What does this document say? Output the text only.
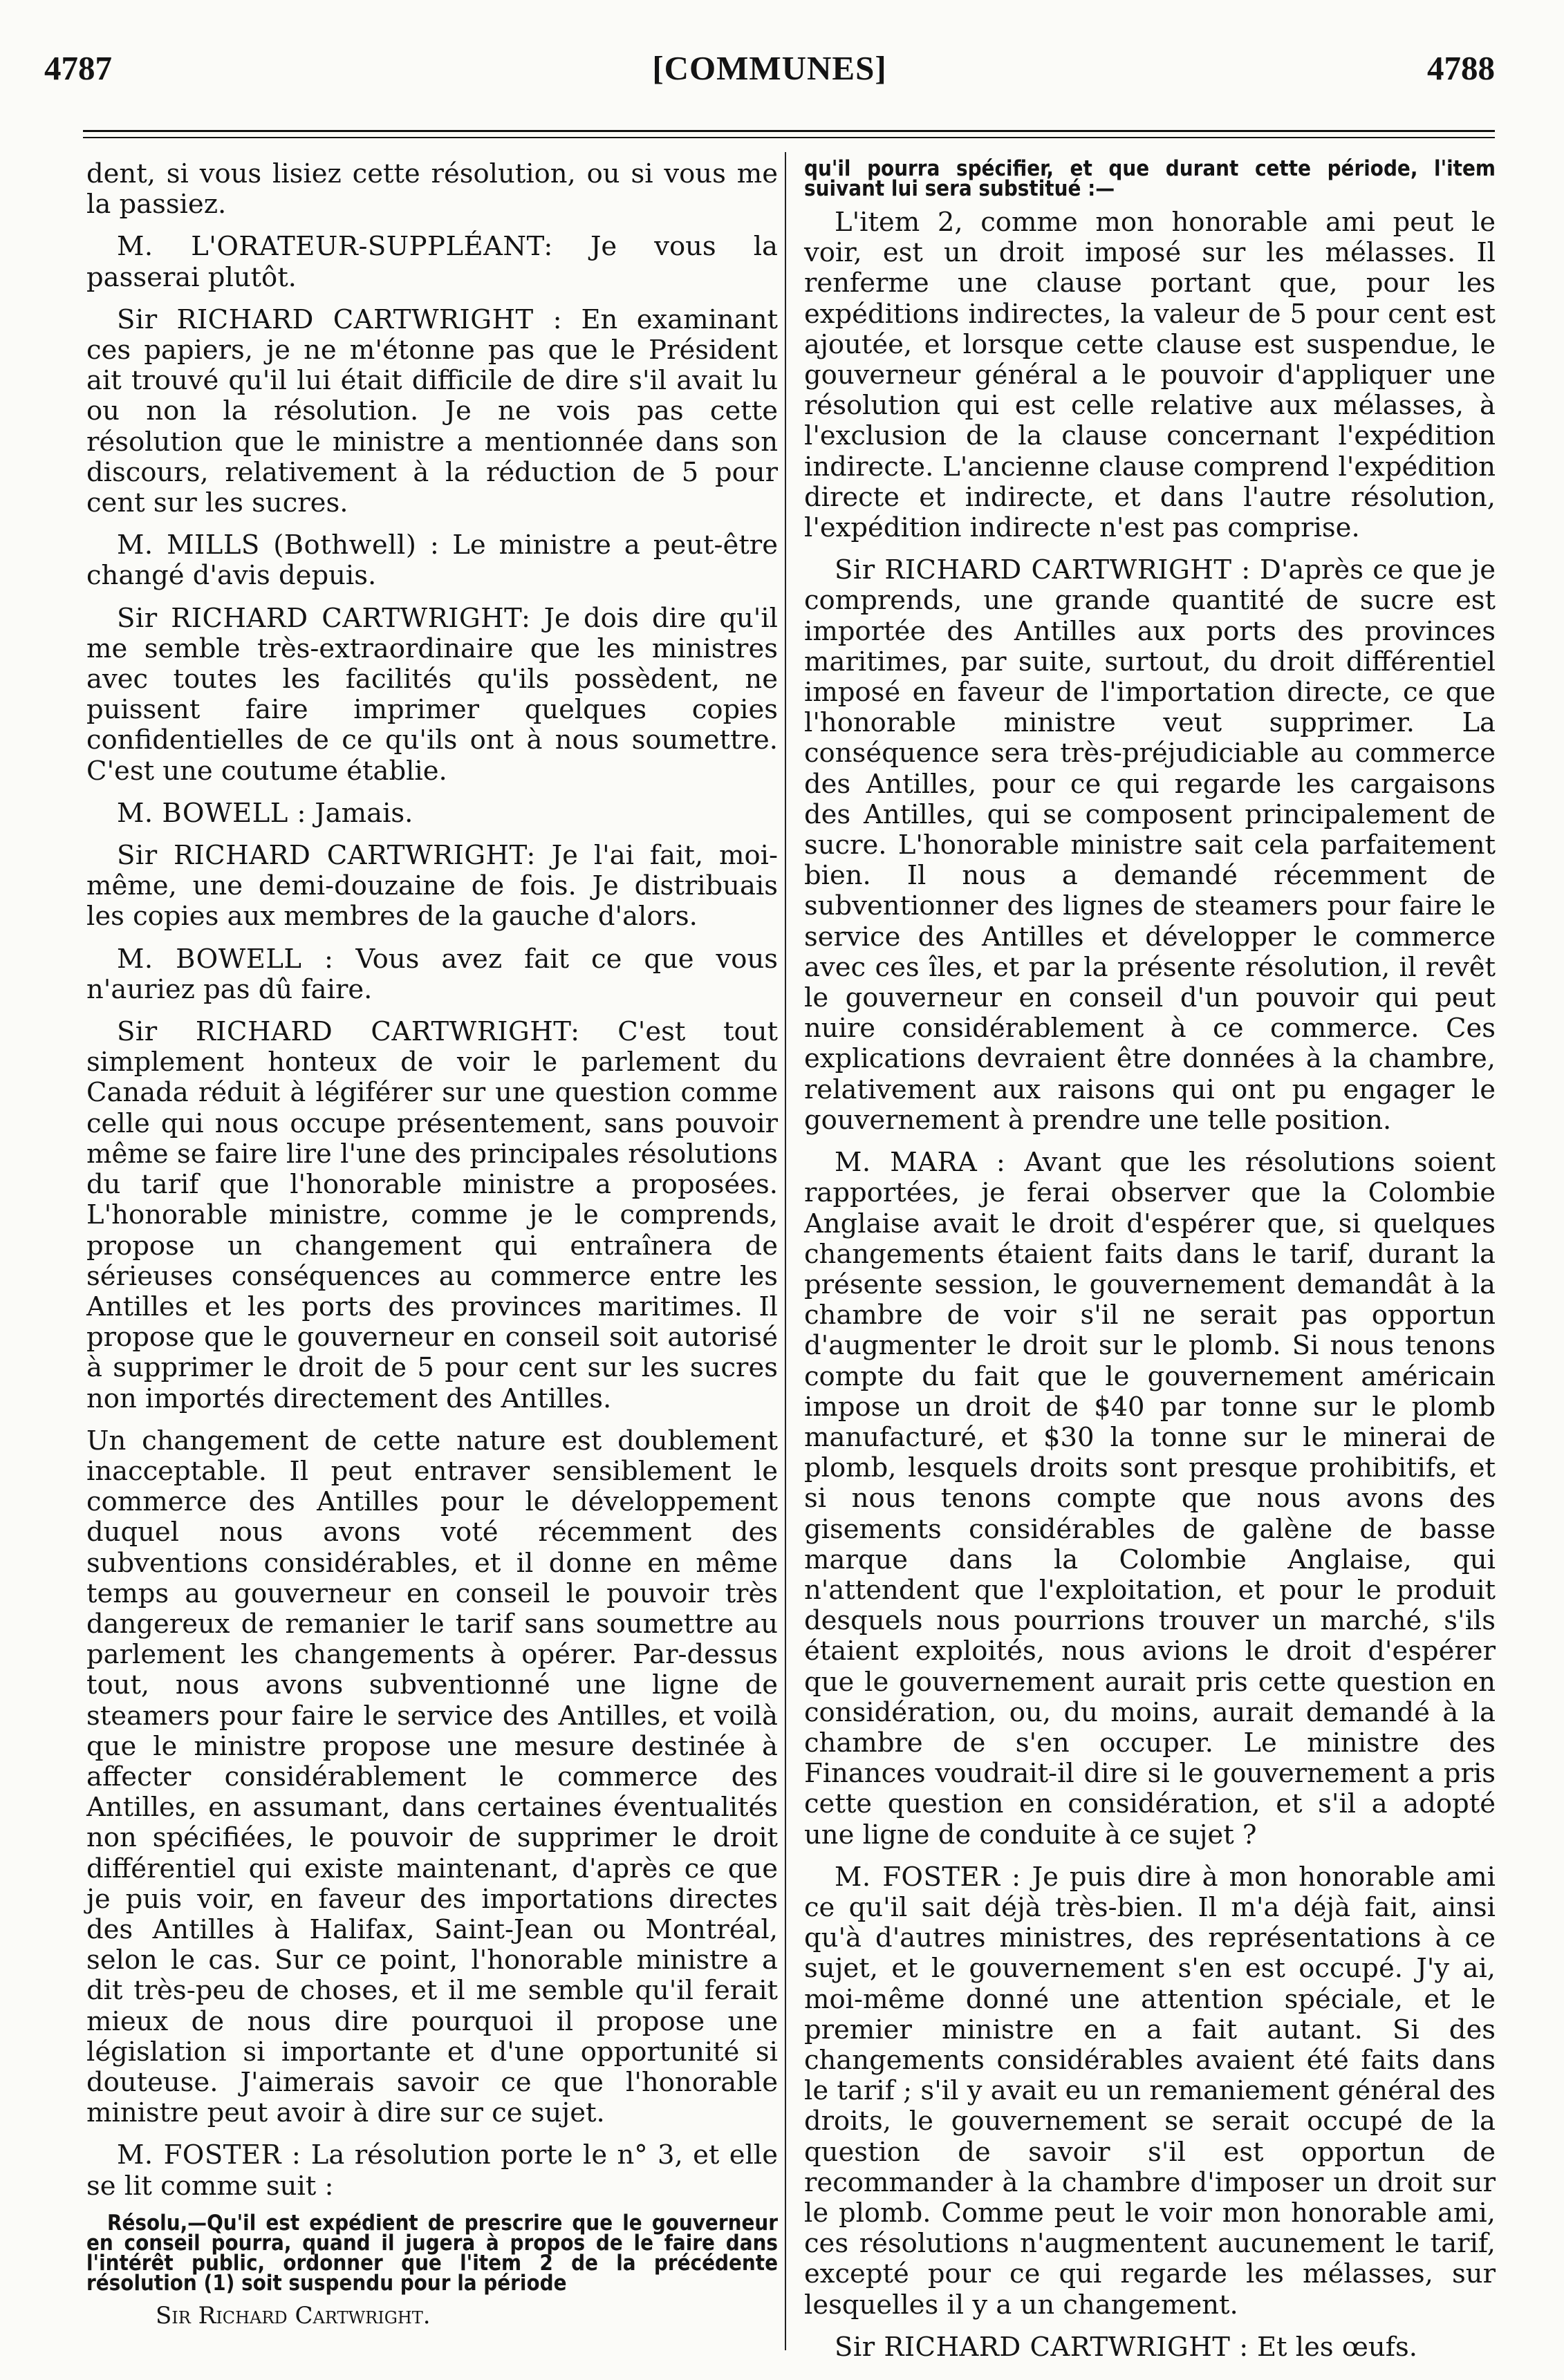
4787	[COMMUNES]	4788

dent, si vous lisiez cette résolution, ou si vous me la passiez.

M. L'ORATEUR-SUPPLÉANT: Je vous la passerai plutôt.

Sir RICHARD CARTWRIGHT : En examinant ces papiers, je ne m'étonne pas que le Président ait trouvé qu'il lui était difficile de dire s'il avait lu ou non la résolution. Je ne vois pas cette résolution que le ministre a mentionnée dans son discours, relativement à la réduction de 5 pour cent sur les sucres.

M. MILLS (Bothwell) : Le ministre a peut-être changé d'avis depuis.

Sir RICHARD CARTWRIGHT: Je dois dire qu'il me semble très-extraordinaire que les ministres avec toutes les facilités qu'ils possèdent, ne puissent faire imprimer quelques copies confidentielles de ce qu'ils ont à nous soumettre. C'est une coutume établie.

M. BOWELL : Jamais.

Sir RICHARD CARTWRIGHT: Je l'ai fait, moi-même, une demi-douzaine de fois. Je distribuais les copies aux membres de la gauche d'alors.

M. BOWELL : Vous avez fait ce que vous n'auriez pas dû faire.

Sir RICHARD CARTWRIGHT: C'est tout simplement honteux de voir le parlement du Canada réduit à légiférer sur une question comme celle qui nous occupe présentement, sans pouvoir même se faire lire l'une des principales résolutions du tarif que l'honorable ministre a proposées. L'honorable ministre, comme je le comprends, propose un changement qui entraînera de sérieuses conséquences au commerce entre les Antilles et les ports des provinces maritimes. Il propose que le gouverneur en conseil soit autorisé à supprimer le droit de 5 pour cent sur les sucres non importés directement des Antilles.

Un changement de cette nature est doublement inacceptable. Il peut entraver sensiblement le commerce des Antilles pour le développement duquel nous avons voté récemment des subventions considérables, et il donne en même temps au gouverneur en conseil le pouvoir très dangereux de remanier le tarif sans soumettre au parlement les changements à opérer. Par-dessus tout, nous avons subventionné une ligne de steamers pour faire le service des Antilles, et voilà que le ministre propose une mesure destinée à affecter considérablement le commerce des Antilles, en assumant, dans certaines éventualités non spécifiées, le pouvoir de supprimer le droit différentiel qui existe maintenant, d'après ce que je puis voir, en faveur des importations directes des Antilles à Halifax, Saint-Jean ou Montréal, selon le cas. Sur ce point, l'honorable ministre a dit très-peu de choses, et il me semble qu'il ferait mieux de nous dire pourquoi il propose une législation si importante et d'une opportunité si douteuse. J'aimerais savoir ce que l'honorable ministre peut avoir à dire sur ce sujet.

M. FOSTER : La résolution porte le n° 3, et elle se lit comme suit :

Résolu,—Qu'il est expédient de prescrire que le gouverneur en conseil pourra, quand il jugera à propos de le faire dans l'intérêt public, ordonner que l'item 2 de la précédente résolution (1) soit suspendu pour la période

Sir Richard Cartwright.

qu'il pourra spécifier, et que durant cette période, l'item suivant lui sera substitué :—

L'item 2, comme mon honorable ami peut le voir, est un droit imposé sur les mélasses. Il renferme une clause portant que, pour les expéditions indirectes, la valeur de 5 pour cent est ajoutée, et lorsque cette clause est suspendue, le gouverneur général a le pouvoir d'appliquer une résolution qui est celle relative aux mélasses, à l'exclusion de la clause concernant l'expédition indirecte. L'ancienne clause comprend l'expédition directe et indirecte, et dans l'autre résolution, l'expédition indirecte n'est pas comprise.

Sir RICHARD CARTWRIGHT : D'après ce que je comprends, une grande quantité de sucre est importée des Antilles aux ports des provinces maritimes, par suite, surtout, du droit différentiel imposé en faveur de l'importation directe, ce que l'honorable ministre veut supprimer. La conséquence sera très-préjudiciable au commerce des Antilles, pour ce qui regarde les cargaisons des Antilles, qui se composent principalement de sucre. L'honorable ministre sait cela parfaitement bien. Il nous a demandé récemment de subventionner des lignes de steamers pour faire le service des Antilles et développer le commerce avec ces îles, et par la présente résolution, il revêt le gouverneur en conseil d'un pouvoir qui peut nuire considérablement à ce commerce. Ces explications devraient être données à la chambre, relativement aux raisons qui ont pu engager le gouvernement à prendre une telle position.

M. MARA : Avant que les résolutions soient rapportées, je ferai observer que la Colombie Anglaise avait le droit d'espérer que, si quelques changements étaient faits dans le tarif, durant la présente session, le gouvernement demandât à la chambre de voir s'il ne serait pas opportun d'augmenter le droit sur le plomb. Si nous tenons compte du fait que le gouvernement américain impose un droit de $40 par tonne sur le plomb manufacturé, et $30 la tonne sur le minerai de plomb, lesquels droits sont presque prohibitifs, et si nous tenons compte que nous avons des gisements considérables de galène de basse marque dans la Colombie Anglaise, qui n'attendent que l'exploitation, et pour le produit desquels nous pourrions trouver un marché, s'ils étaient exploités, nous avions le droit d'espérer que le gouvernement aurait pris cette question en considération, ou, du moins, aurait demandé à la chambre de s'en occuper. Le ministre des Finances voudrait-il dire si le gouvernement a pris cette question en considération, et s'il a adopté une ligne de conduite à ce sujet ?

M. FOSTER : Je puis dire à mon honorable ami ce qu'il sait déjà très-bien. Il m'a déjà fait, ainsi qu'à d'autres ministres, des représentations à ce sujet, et le gouvernement s'en est occupé. J'y ai, moi-même donné une attention spéciale, et le premier ministre en a fait autant. Si des changements considérables avaient été faits dans le tarif ; s'il y avait eu un remaniement général des droits, le gouvernement se serait occupé de la question de savoir s'il est opportun de recommander à la chambre d'imposer un droit sur le plomb. Comme peut le voir mon honorable ami, ces résolutions n'augmentent aucunement le tarif, excepté pour ce qui regarde les mélasses, sur lesquelles il y a un changement.

Sir RICHARD CARTWRIGHT : Et les œufs.
